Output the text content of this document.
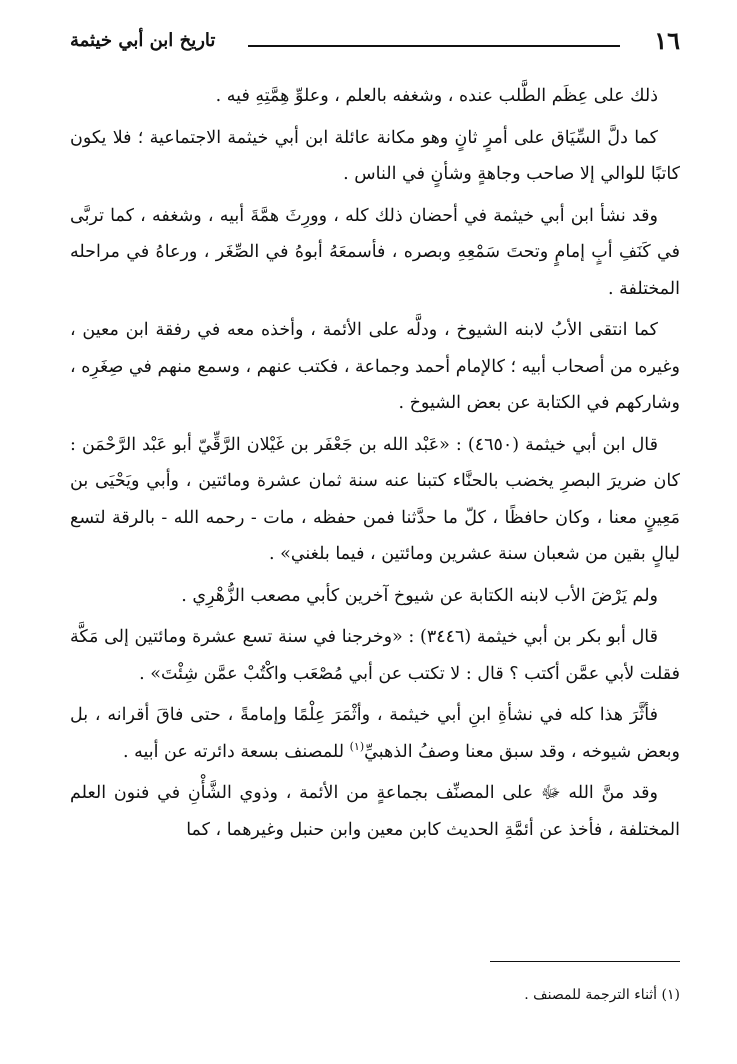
١٦
تاريخ ابن أبي خيثمة

ذلك على عِظَم الطَّلب عنده ، وشغفه بالعلم ، وعلوِّ هِمَّتِهِ فيه .

كما دلَّ السِّيَاق على أمرٍ ثانٍ وهو مكانة عائلة ابن أبي خيثمة الاجتماعية ؛ فلا يكون كاتبًا للوالي إلا صاحب وجاهةٍ وشأنٍ في الناس .

وقد نشأ ابن أبي خيثمة في أحضان ذلك كله ، وورِثَ همَّةَ أبيه ، وشغفه ، كما تربَّى في كَنَفِ أبٍ إمامٍ وتحتَ سَمْعِهِ وبصره ، فأسمعَهُ أبوهُ في الصِّغَر ، ورعاهُ في مراحله المختلفة .

كما انتقى الأبُ لابنه الشيوخ ، ودلَّه على الأئمة ، وأخذه معه في رفقة ابن معين ، وغيره من أصحاب أبيه ؛ كالإمام أحمد وجماعة ، فكتب عنهم ، وسمع منهم في صِغَرِه ، وشاركهم في الكتابة عن بعض الشيوخ .

قال ابن أبي خيثمة (٤٦٥٠) : «عَبْد الله بن جَعْفَر بن غَيْلان الرَّقِّيّ أبو عَبْد الرَّحْمَن : كان ضريرَ البصرِ يخضب بالحنَّاء كتبنا عنه سنة ثمان عشرة ومائتين ، وأبي ويَحْيَى بن مَعِينٍ معنا ، وكان حافظًا ، كلّ ما حدَّثنا فمن حفظه ، مات - رحمه الله - بالرقة لتسع ليالٍ بقين من شعبان سنة عشرين ومائتين ، فيما بلغني» .

ولم يَرْضَ الأب لابنه الكتابة عن شيوخ آخرين كأبي مصعب الزُّهْرِي .

قال أبو بكر بن أبي خيثمة (٣٤٤٦) : «وخرجنا في سنة تسع عشرة ومائتين إلى مَكَّة فقلت لأبي عمَّن أكتب ؟ قال : لا تكتب عن أبي مُصْعَب واكْتُبْ عمَّن شِئْتَ» .

فأثَّرَ هذا كله في نشأةِ ابنِ أبي خيثمة ، وأثْمَرَ عِلْمًا وإمامةً ، حتى فاقَ أقرانه ، بل وبعض شيوخه ، وقد سبق معنا وصفُ الذهبيِّ$^{(١)}$ للمصنف بسعة دائرته عن أبيه .

وقد منَّ الله ﷻ على المصنِّف بجماعةٍ من الأئمة ، وذوي الشَّأْنِ في فنون العلم المختلفة ، فأخذ عن أئمَّةِ الحديث كابن معين وابن حنبل وغيرهما ، كما

(١) أثناء الترجمة للمصنف .
